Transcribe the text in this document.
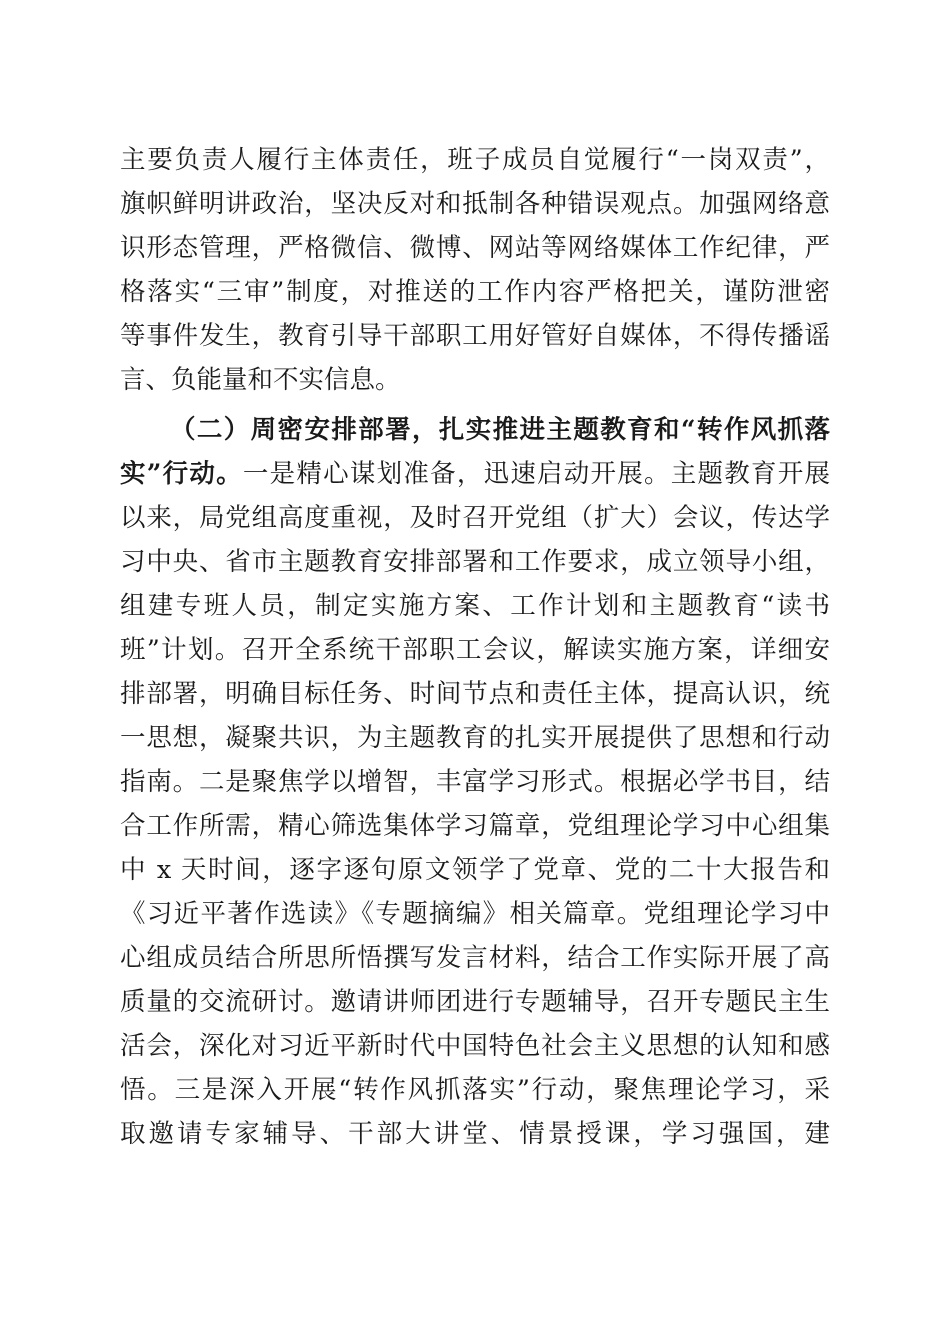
主要负责人履行主体责任，班子成员自觉履行“一岗双责”，
旗帜鲜明讲政治，坚决反对和抵制各种错误观点。加强网络意
识形态管理，严格微信、微博、网站等网络媒体工作纪律，严
格落实“三审”制度，对推送的工作内容严格把关，谨防泄密
等事件发生，教育引导干部职工用好管好自媒体，不得传播谣
言、负能量和不实信息。
（二）周密安排部署，扎实推进主题教育和“转作风抓落
实”行动。一是精心谋划准备，迅速启动开展。主题教育开展
以来，局党组高度重视，及时召开党组（扩大）会议，传达学
习中央、省市主题教育安排部署和工作要求，成立领导小组，
组建专班人员，制定实施方案、工作计划和主题教育“读书
班”计划。召开全系统干部职工会议，解读实施方案，详细安
排部署，明确目标任务、时间节点和责任主体，提高认识，统
一思想，凝聚共识，为主题教育的扎实开展提供了思想和行动
指南。二是聚焦学以增智，丰富学习形式。根据必学书目，结
合工作所需，精心筛选集体学习篇章，党组理论学习中心组集
中 x 天时间，逐字逐句原文领学了党章、党的二十大报告和
《习近平著作选读》《专题摘编》相关篇章。党组理论学习中
心组成员结合所思所悟撰写发言材料，结合工作实际开展了高
质量的交流研讨。邀请讲师团进行专题辅导，召开专题民主生
活会，深化对习近平新时代中国特色社会主义思想的认知和感
悟。三是深入开展“转作风抓落实”行动，聚焦理论学习，采
取邀请专家辅导、干部大讲堂、情景授课，学习强国，建
